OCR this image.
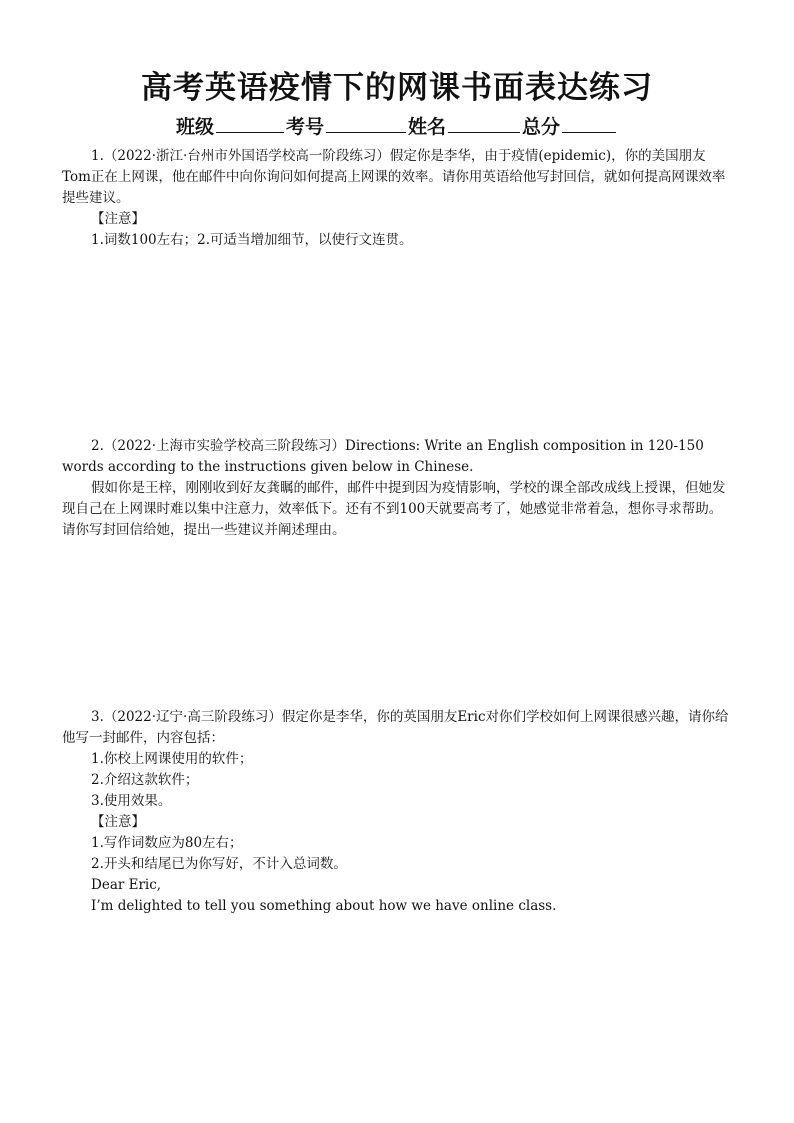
高考英语疫情下的网课书面表达练习
班级	考号	姓名	总分

1.（2022·浙江·台州市外国语学校高一阶段练习）假定你是李华，由于疫情(epidemic)，你的美国朋友Tom正在上网课，他在邮件中向你询问如何提高上网课的效率。请你用英语给他写封回信，就如何提高网课效率提些建议。

【注意】

1.词数100左右；2.可适当增加细节，以使行文连贯。

2.（2022·上海市实验学校高三阶段练习）Directions: Write an English composition in 120-150 words according to the instructions given below in Chinese.

假如你是王梓，刚刚收到好友龚瞩的邮件，邮件中提到因为疫情影响，学校的课全部改成线上授课，但她发现自己在上网课时难以集中注意力，效率低下。还有不到100天就要高考了，她感觉非常着急，想你寻求帮助。请你写封回信给她，提出一些建议并阐述理由。

3.（2022·辽宁·高三阶段练习）假定你是李华，你的英国朋友Eric对你们学校如何上网课很感兴趣，请你给他写一封邮件，内容包括：

1.你校上网课使用的软件；

2.介绍这款软件；

3.使用效果。

【注意】

1.写作词数应为80左右；

2.开头和结尾已为你写好，不计入总词数。

Dear Eric,

I’m delighted to tell you something about how we have online class.
